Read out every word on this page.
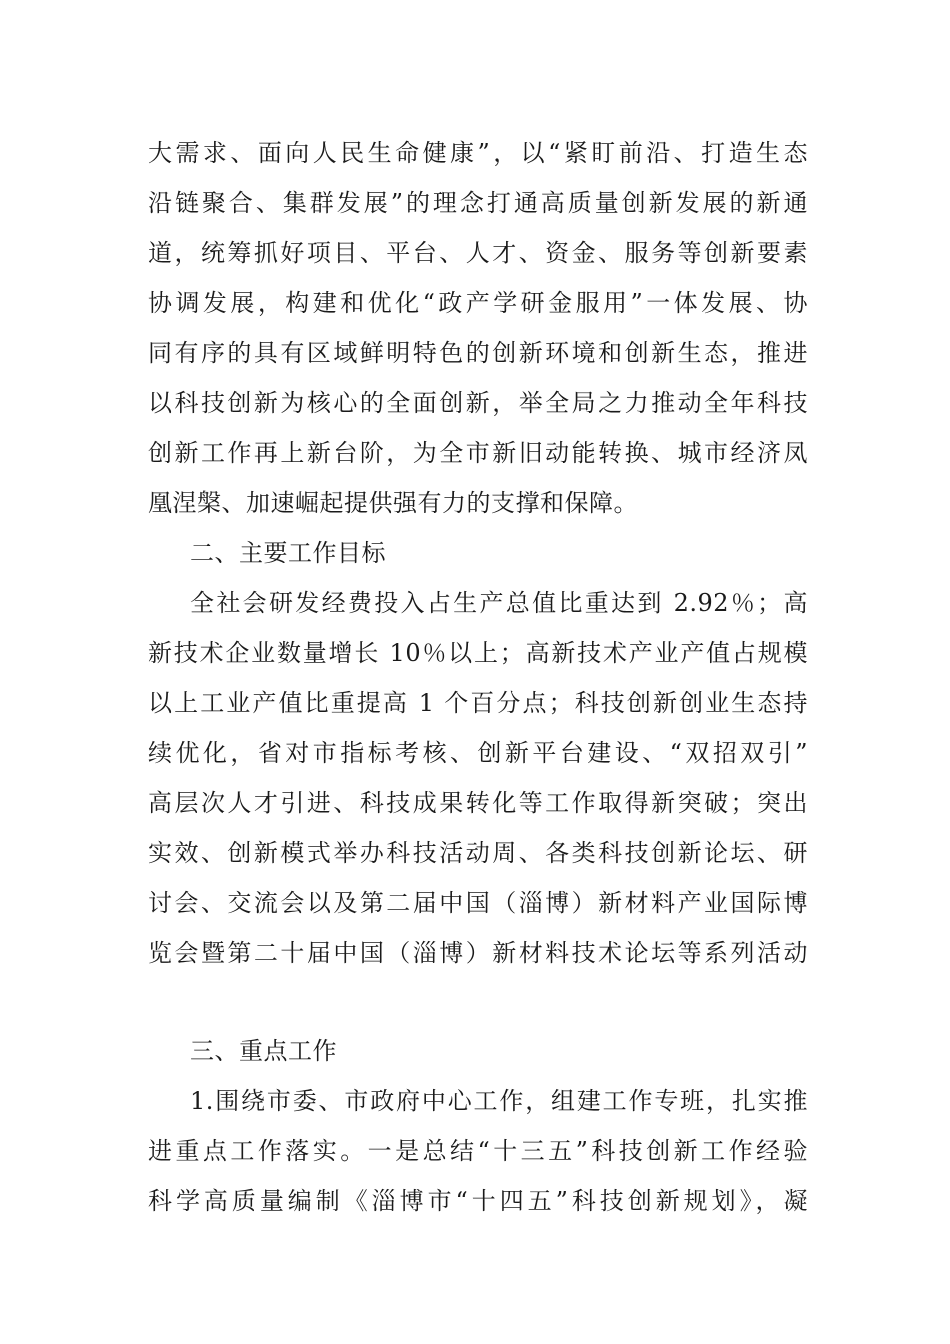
大需求、面向人民生命健康”，以“紧盯前沿、打造生态
沿链聚合、集群发展”的理念打通高质量创新发展的新通
道，统筹抓好项目、平台、人才、资金、服务等创新要素
协调发展，构建和优化“政产学研金服用”一体发展、协
同有序的具有区域鲜明特色的创新环境和创新生态，推进
以科技创新为核心的全面创新，举全局之力推动全年科技
创新工作再上新台阶，为全市新旧动能转换、城市经济凤
凰涅槃、加速崛起提供强有力的支撑和保障。
二、主要工作目标
全社会研发经费投入占生产总值比重达到 2.92％；高
新技术企业数量增长 10％以上；高新技术产业产值占规模
以上工业产值比重提高 1 个百分点；科技创新创业生态持
续优化，省对市指标考核、创新平台建设、“双招双引”
高层次人才引进、科技成果转化等工作取得新突破；突出
实效、创新模式举办科技活动周、各类科技创新论坛、研
讨会、交流会以及第二届中国（淄博）新材料产业国际博
览会暨第二十届中国（淄博）新材料技术论坛等系列活动
三、重点工作
1.围绕市委、市政府中心工作，组建工作专班，扎实推
进重点工作落实。一是总结“十三五”科技创新工作经验
科学高质量编制《淄博市“十四五”科技创新规划》，凝
